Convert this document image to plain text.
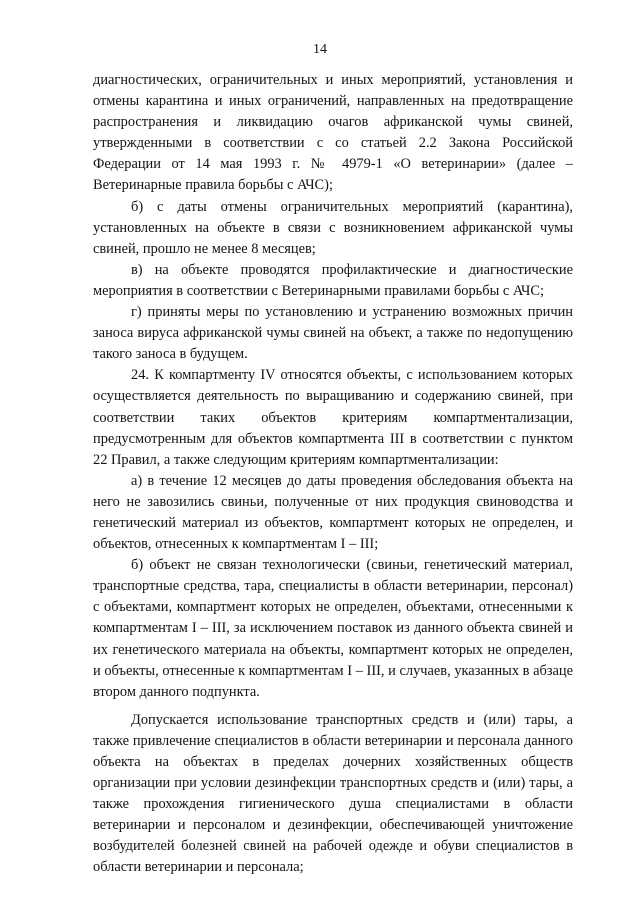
14

диагностических, ограничительных и иных мероприятий, установления и отмены карантина и иных ограничений, направленных на предотвращение распространения и ликвидацию очагов африканской чумы свиней, утвержденными в соответствии с со статьей 2.2 Закона Российской Федерации от 14 мая 1993 г. № 4979-1 «О ветеринарии» (далее – Ветеринарные правила борьбы с АЧС);

б) с даты отмены ограничительных мероприятий (карантина), установленных на объекте в связи с возникновением африканской чумы свиней, прошло не менее 8 месяцев;

в) на объекте проводятся профилактические и диагностические мероприятия в соответствии с Ветеринарными правилами борьбы с АЧС;

г) приняты меры по установлению и устранению возможных причин заноса вируса африканской чумы свиней на объект, а также по недопущению такого заноса в будущем.

24. К компартменту IV относятся объекты, с использованием которых осуществляется деятельность по выращиванию и содержанию свиней, при соответствии таких объектов критериям компартментализации, предусмотренным для объектов компартмента III в соответствии с пунктом 22 Правил, а также следующим критериям компартментализации:

а) в течение 12 месяцев до даты проведения обследования объекта на него не завозились свиньи, полученные от них продукция свиноводства и генетический материал из объектов, компартмент которых не определен, и объектов, отнесенных к компартментам I – III;

б) объект не связан технологически (свиньи, генетический материал, транспортные средства, тара, специалисты в области ветеринарии, персонал) с объектами, компартмент которых не определен, объектами, отнесенными к компартментам I – III, за исключением поставок из данного объекта свиней и их генетического материала на объекты, компартмент которых не определен, и объекты, отнесенные к компартментам I – III, и случаев, указанных в абзаце втором данного подпункта.

Допускается использование транспортных средств и (или) тары, а также привлечение специалистов в области ветеринарии и персонала данного объекта на объектах в пределах дочерних хозяйственных обществ организации при условии дезинфекции транспортных средств и (или) тары, а также прохождения гигиенического душа специалистами в области ветеринарии и персоналом и дезинфекции, обеспечивающей уничтожение возбудителей болезней свиней на рабочей одежде и обуви специалистов в области ветеринарии и персонала;
